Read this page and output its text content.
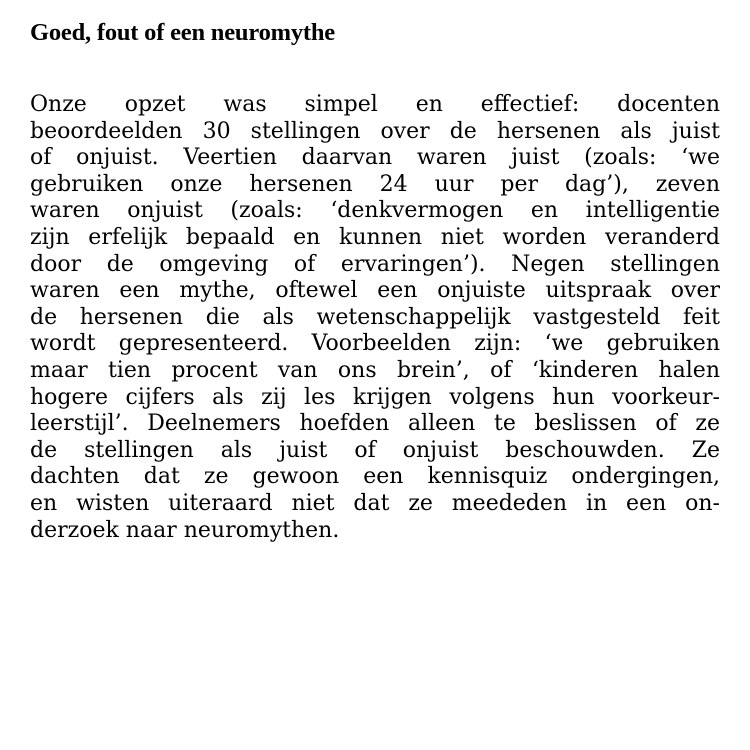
Goed, fout of een neuromythe
Onze opzet was simpel en effectief: docenten
beoordeelden 30 stellingen over de hersenen als juist
of onjuist. Veertien daarvan waren juist (zoals: ‘we
gebruiken onze hersenen 24 uur per dag’), zeven
waren onjuist (zoals: ‘denkvermogen en intelligentie
zijn erfelijk bepaald en kunnen niet worden veranderd
door de omgeving of ervaringen’). Negen stellingen
waren een mythe, oftewel een onjuiste uitspraak over
de hersenen die als wetenschappelijk vastgesteld feit
wordt gepresenteerd. Voorbeelden zijn: ‘we gebruiken
maar tien procent van ons brein’, of ‘kinderen halen
hogere cijfers als zij les krijgen volgens hun voorkeur-
leerstijl’. Deelnemers hoefden alleen te beslissen of ze
de stellingen als juist of onjuist beschouwden. Ze
dachten dat ze gewoon een kennisquiz ondergingen,
en wisten uiteraard niet dat ze meededen in een on-
derzoek naar neuromythen.
